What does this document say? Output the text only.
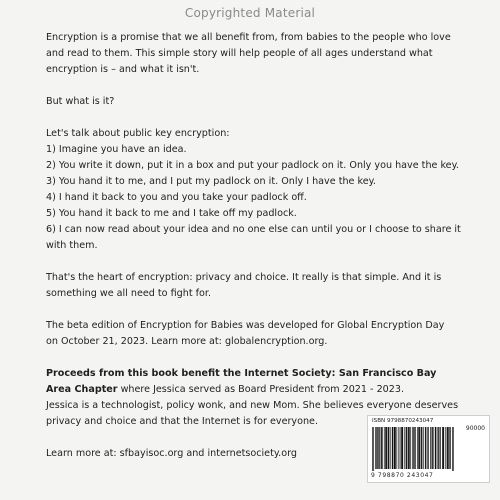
Copyrighted Material

Encryption is a promise that we all benefit from, from babies to the people who love

and read to them. This simple story will help people of all ages understand what

encryption is – and what it isn't.

But what is it?

Let's talk about public key encryption:

1) Imagine you have an idea.

2) You write it down, put it in a box and put your padlock on it. Only you have the key.

3) You hand it to me, and I put my padlock on it. Only I have the key.

4) I hand it back to you and you take your padlock off.

5) You hand it back to me and I take off my padlock.

6) I can now read about your idea and no one else can until you or I choose to share it

with them.

That's the heart of encryption: privacy and choice. It really is that simple. And it is

something we all need to fight for.

The beta edition of Encryption for Babies was developed for Global Encryption Day

on October 21, 2023. Learn more at: globalencryption.org.

Proceeds from this book benefit the Internet Society: San Francisco Bay

Area Chapter where Jessica served as Board President from 2021 - 2023.

Jessica is a technologist, policy wonk, and new Mom. She believes everyone deserves

privacy and choice and that the Internet is for everyone.

Learn more at: sfbayisoc.org and internetsociety.org

ISBN 9798870243047
90000
9 798870 243047
